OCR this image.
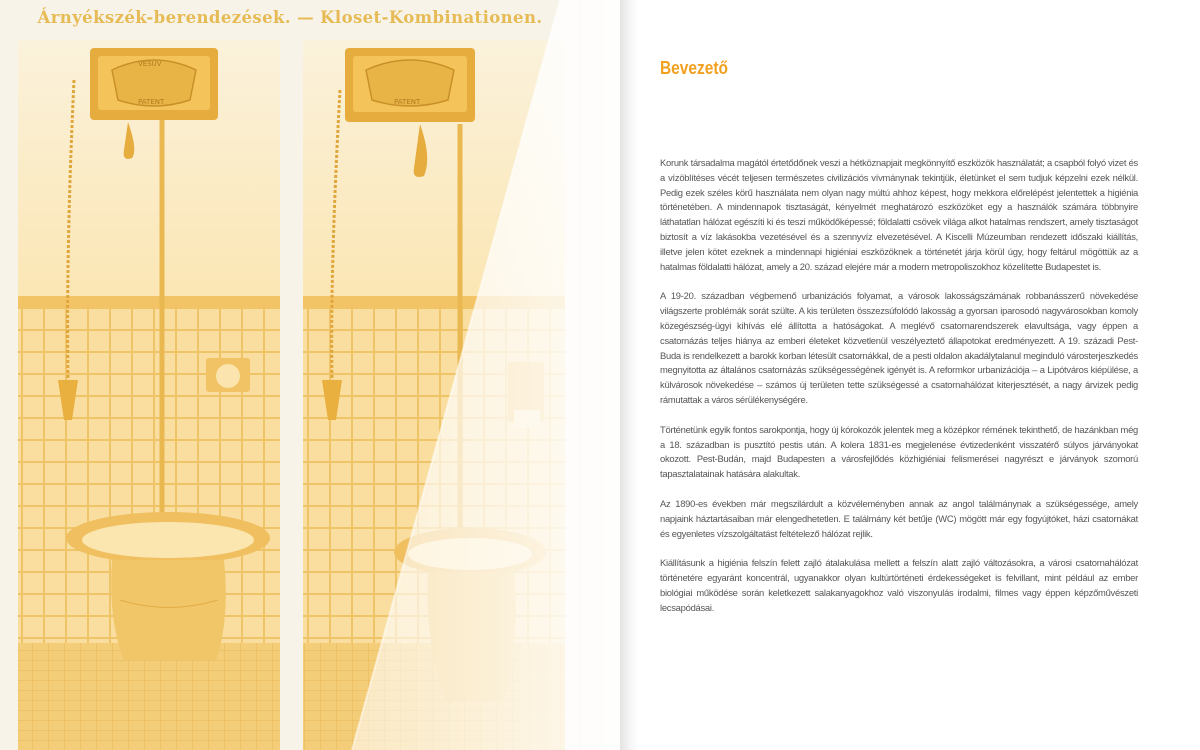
VESUV
PATENT	PATENT
Árnyékszék-berendezések. — Kloset-Kombinationen.
Bevezető

Korunk társadalma magától értetődőnek veszi a hétköznapjait megkönnyítő eszközök használatát; a csapból folyó vizet és a vízöblítéses vécét teljesen természetes civilizációs vívmánynak tekintjük, életünket el sem tudjuk képzelni ezek nélkül. Pedig ezek széles körű használata nem olyan nagy múltú ahhoz képest, hogy mekkora előrelépést jelentettek a higiénia történetében. A mindennapok tisztaságát, kényelmét meghatározó eszközöket egy a használók számára többnyire láthatatlan hálózat egészíti ki és teszi működőképessé; földalatti csövek világa alkot hatalmas rendszert, amely tisztaságot biztosít a víz lakásokba vezetésével és a szennyvíz elvezetésével. A Kiscelli Múzeumban rendezett időszaki kiállítás, illetve jelen kötet ezeknek a mindennapi higiéniai eszközöknek a történetét járja körül úgy, hogy feltárul mögöttük az a hatalmas földalatti hálózat, amely a 20. század elejére már a modern metropoliszokhoz közelítette Budapestet is.

A 19-20. században végbemenő urbanizációs folyamat, a városok lakosságszámának robbanásszerű növekedése világszerte problémák sorát szülte. A kis területen összezsúfolódó lakosság a gyorsan iparosodó nagyvárosokban komoly közegészség-ügyi kihívás elé állította a hatóságokat. A meglévő csatornarendszerek elavultsága, vagy éppen a csatornázás teljes hiánya az emberi életeket közvetlenül veszélyeztető állapotokat eredményezett. A 19. századi Pest-Buda is rendelkezett a barokk korban létesült csatornákkal, de a pesti oldalon akadálytalanul meginduló városterjeszkedés megnyitotta az általános csatornázás szükségességének igényét is. A reformkor urbanizációja – a Lipótváros kiépülése, a külvárosok növekedése – számos új területen tette szükségessé a csatornahálózat kiterjesztését, a nagy árvizek pedig rámutattak a város sérülékenységére.

Történetünk egyik fontos sarokpontja, hogy új kórokozók jelentek meg a középkor rémének tekinthető, de hazánkban még a 18. században is pusztító pestis után. A kolera 1831-es megjelenése évtizedenként visszatérő súlyos járványokat okozott. Pest-Budán, majd Budapesten a városfejlődés közhigiéniai felismerései nagyrészt e járványok szomorú tapasztalatainak hatására alakultak.

Az 1890-es években már megszilárdult a közvéleményben annak az angol találmánynak a szükségessége, amely napjaink háztartásaiban már elengedhetetlen. E találmány két betűje (WC) mögött már egy fogyújtóket, házi csatornákat és egyenletes vízszolgáltatást feltételező hálózat rejlik.

Kiállításunk a higiénia felszín felett zajló átalakulása mellett a felszín alatt zajló változásokra, a városi csatornahálózat történetére egyaránt koncentrál, ugyanakkor olyan kultúrtörténeti érdekességeket is felvillant, mint például az ember biológiai működése során keletkezett salakanyagokhoz való viszonyulás irodalmi, filmes vagy éppen képzőművészeti lecsapódásai.
